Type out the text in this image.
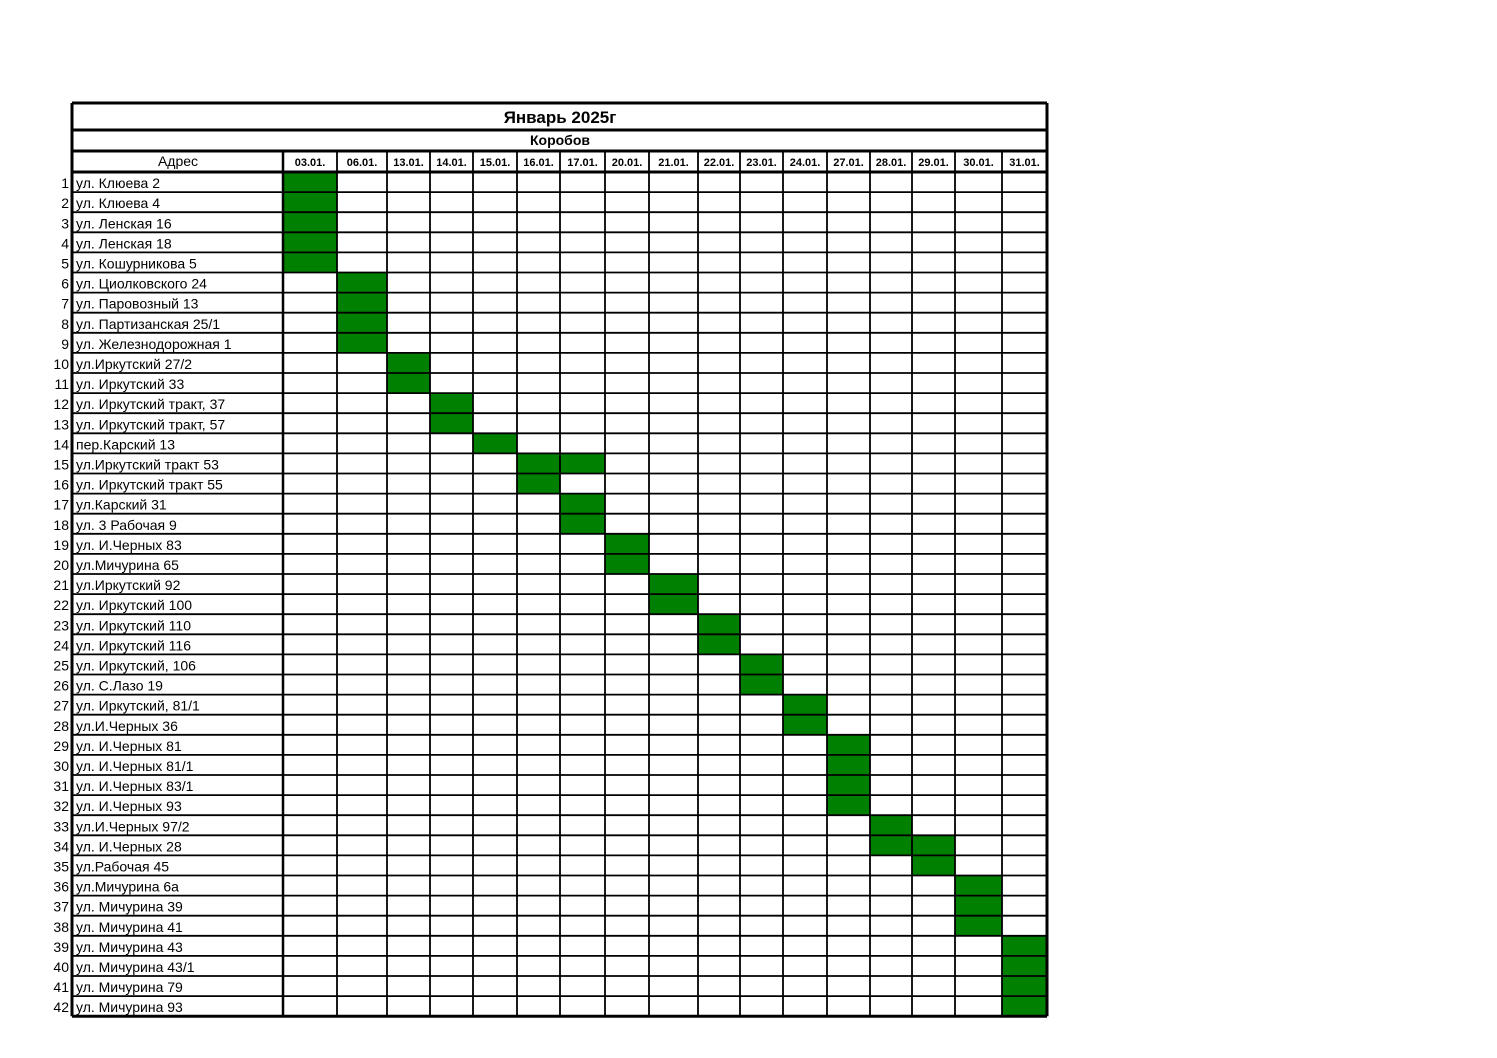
Январь 2025г
Коробов
Адрес	03.01. 06.01. 13.01. 14.01. 15.01. 16.01. 17.01. 20.01. 21.01. 22.01. 23.01. 24.01. 27.01. 28.01. 29.01. 30.01. 31.01.
1 ул. Клюева 2
2 ул. Клюева 4
3 ул. Ленская 16
4 ул. Ленская 18
5 ул. Кошурникова 5
6 ул. Циолковского 24
7 ул. Паровозный 13
8 ул. Партизанская 25/1
9 ул. Железнодорожная 1
10 ул.Иркутский 27/2
11 ул. Иркутский 33
12 ул. Иркутский тракт, 37
13 ул. Иркутский тракт, 57
14 пер.Карский 13
15 ул.Иркутский тракт 53
16 ул. Иркутский тракт 55
17 ул.Карский 31
18 ул. 3 Рабочая 9
19 ул. И.Черных 83
20 ул.Мичурина 65
21 ул.Иркутский 92
22 ул. Иркутский 100
23 ул. Иркутский 110
24 ул. Иркутский 116
25 ул. Иркутский, 106
26 ул. С.Лазо 19
27 ул. Иркутский, 81/1
28 ул.И.Черных 36
29 ул. И.Черных 81
30 ул. И.Черных 81/1
31 ул. И.Черных 83/1
32 ул. И.Черных 93
33 ул.И.Черных 97/2
34 ул. И.Черных 28
35 ул.Рабочая 45
36 ул.Мичурина 6а
37 ул. Мичурина 39
38 ул. Мичурина 41
39 ул. Мичурина 43
40 ул. Мичурина 43/1
41 ул. Мичурина 79
42 ул. Мичурина 93
